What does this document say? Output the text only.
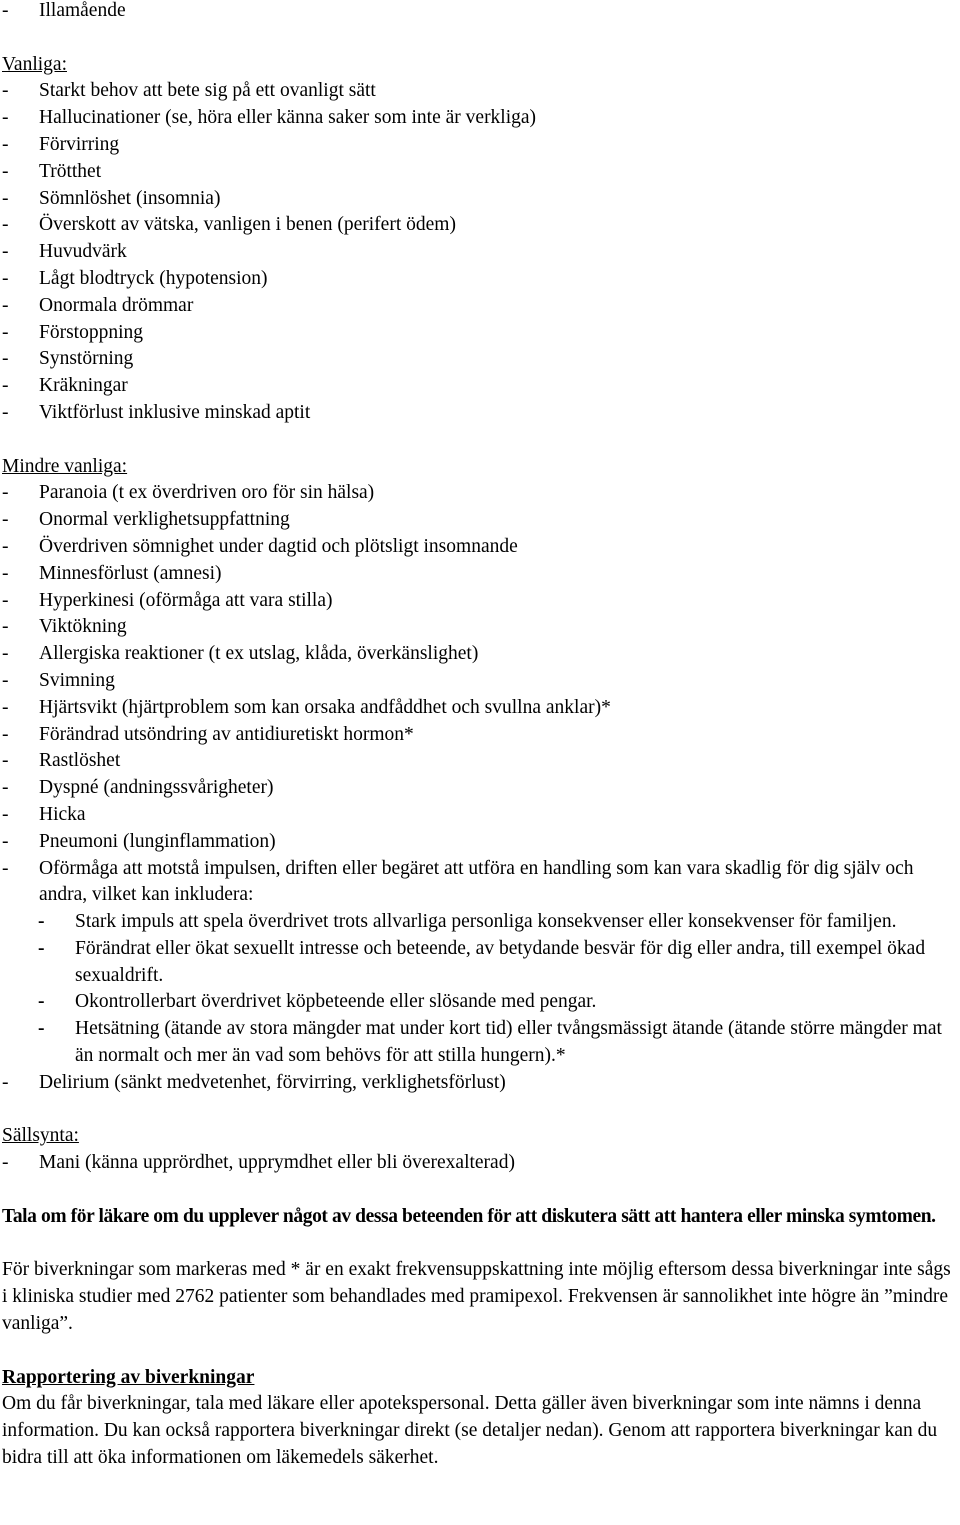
-	Illamående
Vanliga:
-	Starkt behov att bete sig på ett ovanligt sätt
-	Hallucinationer (se, höra eller känna saker som inte är verkliga)
-	Förvirring
-	Trötthet
-	Sömnlöshet (insomnia)
-	Överskott av vätska, vanligen i benen (perifert ödem)
-	Huvudvärk
-	Lågt blodtryck (hypotension)
-	Onormala drömmar
-	Förstoppning
-	Synstörning
-	Kräkningar
-	Viktförlust inklusive minskad aptit
Mindre vanliga:
-	Paranoia (t ex överdriven oro för sin hälsa)
-	Onormal verklighetsuppfattning
-	Överdriven sömnighet under dagtid och plötsligt insomnande
-	Minnesförlust (amnesi)
-	Hyperkinesi (oförmåga att vara stilla)
-	Viktökning
-	Allergiska reaktioner (t ex utslag, klåda, överkänslighet)
-	Svimning
-	Hjärtsvikt (hjärtproblem som kan orsaka andfåddhet och svullna anklar)*
-	Förändrad utsöndring av antidiuretiskt hormon*
-	Rastlöshet
-	Dyspné (andningssvårigheter)
-	Hicka
-	Pneumoni (lunginflammation)
-	Oförmåga att motstå impulsen, driften eller begäret att utföra en handling som kan vara skadlig för dig själv och andra, vilket kan inkludera:
-	Stark impuls att spela överdrivet trots allvarliga personliga konsekvenser eller konsekvenser för familjen.
-	Förändrat eller ökat sexuellt intresse och beteende, av betydande besvär för dig eller andra, till exempel ökad sexualdrift.
-	Okontrollerbart överdrivet köpbeteende eller slösande med pengar.
-	Hetsätning (ätande av stora mängder mat under kort tid) eller tvångsmässigt ätande (ätande större mängder mat än normalt och mer än vad som behövs för att stilla hungern).*
-	Delirium (sänkt medvetenhet, förvirring, verklighetsförlust)
Sällsynta:
-	Mani (känna upprördhet, upprymdhet eller bli överexalterad)

Tala om för läkare om du upplever något av dessa beteenden för att diskutera sätt att hantera eller minska symtomen.

För biverkningar som markeras med * är en exakt frekvensuppskattning inte möjlig eftersom dessa biverkningar inte sågs i kliniska studier med 2762 patienter som behandlades med pramipexol. Frekvensen är sannolikhet inte högre än ”mindre vanliga”.

Rapportering av biverkningar

Om du får biverkningar, tala med läkare eller apotekspersonal. Detta gäller även biverkningar som inte nämns i denna information. Du kan också rapportera biverkningar direkt (se detaljer nedan). Genom att rapportera biverkningar kan du bidra till att öka informationen om läkemedels säkerhet.
